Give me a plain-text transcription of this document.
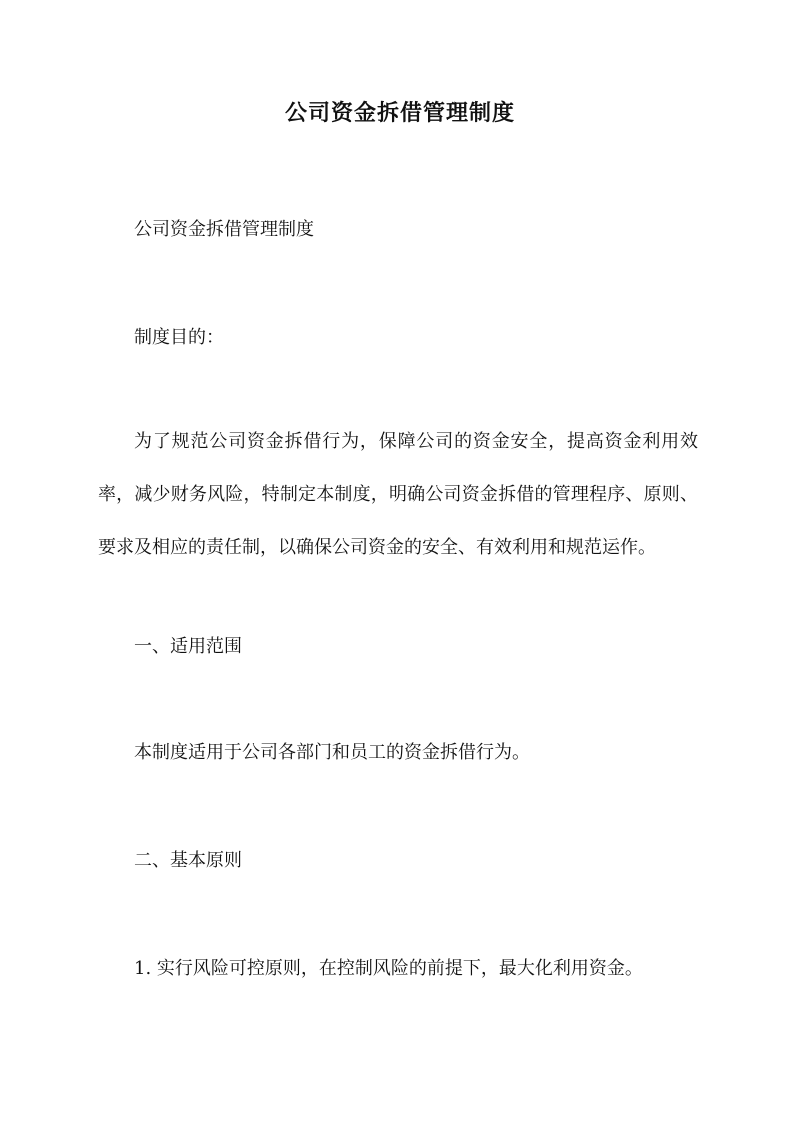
公司资金拆借管理制度
公司资金拆借管理制度
制度目的：
为了规范公司资金拆借行为，保障公司的资金安全，提高资金利用效率，减少财务风险，特制定本制度，明确公司资金拆借的管理程序、原则、要求及相应的责任制，以确保公司资金的安全、有效利用和规范运作。
一、适用范围
本制度适用于公司各部门和员工的资金拆借行为。
二、基本原则
1. 实行风险可控原则，在控制风险的前提下，最大化利用资金。
